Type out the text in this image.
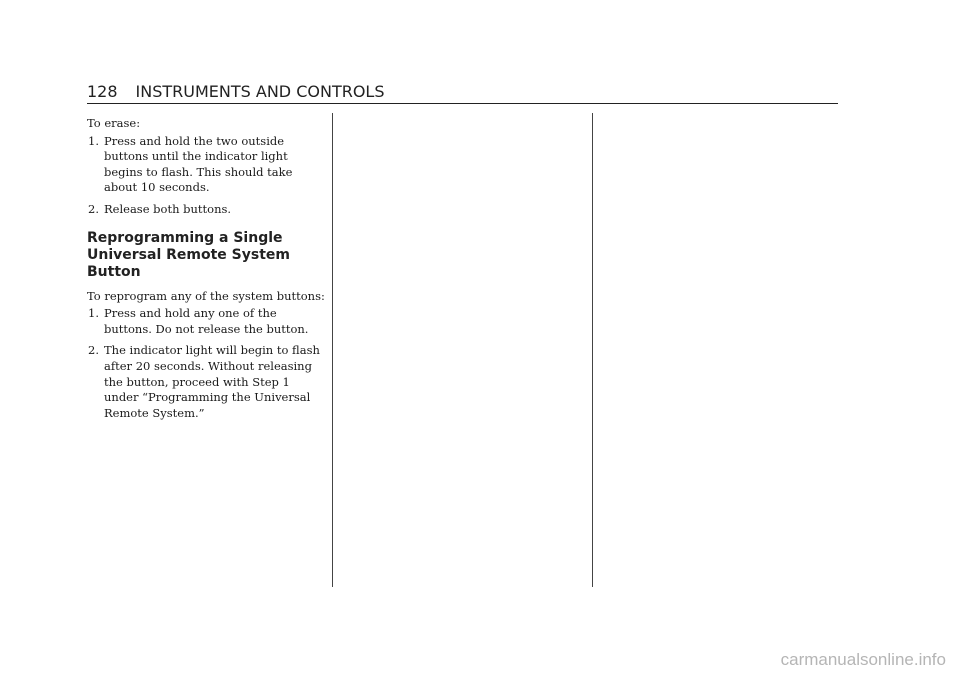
128 INSTRUMENTS AND CONTROLS

To erase:

1. Press and hold the two outside buttons until the indicator light begins to flash. This should take about 10 seconds.
2. Release both buttons.
Reprogramming a Single Universal Remote System Button

To reprogram any of the system buttons:

1. Press and hold any one of the buttons. Do not release the button.
2. The indicator light will begin to flash after 20 seconds. Without releasing the button, proceed with Step 1 under “Programming the Universal Remote System.”
carmanualsonline.info
